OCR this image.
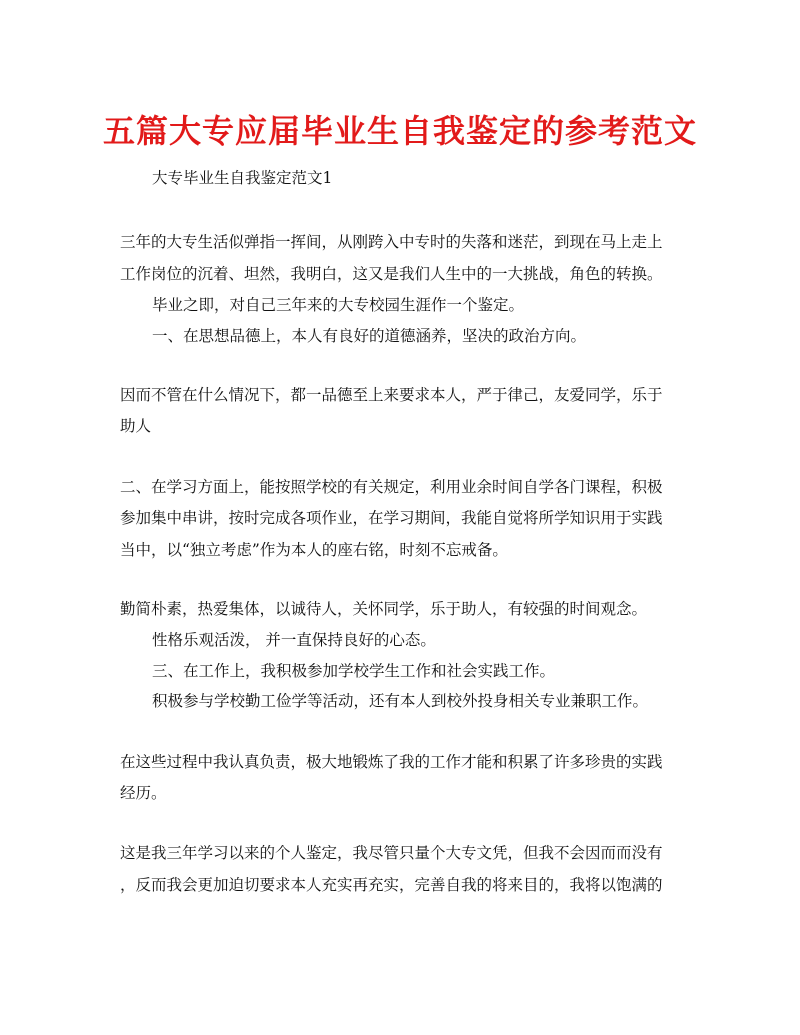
五篇大专应届毕业生自我鉴定的参考范文
大专毕业生自我鉴定范文1
三年的大专生活似弹指一挥间，从刚跨入中专时的失落和迷茫，到现在马上走上
工作岗位的沉着、坦然，我明白，这又是我们人生中的一大挑战，角色的转换。
毕业之即，对自己三年来的大专校园生涯作一个鉴定。
一、在思想品德上，本人有良好的道德涵养，坚决的政治方向。
因而不管在什么情况下，都一品德至上来要求本人，严于律己，友爱同学，乐于
助人
二、在学习方面上，能按照学校的有关规定，利用业余时间自学各门课程，积极
参加集中串讲，按时完成各项作业，在学习期间，我能自觉将所学知识用于实践
当中，以“独立考虑”作为本人的座右铭，时刻不忘戒备。
勤简朴素，热爱集体，以诚待人，关怀同学，乐于助人，有较强的时间观念。
性格乐观活泼， 并一直保持良好的心态。
三、在工作上，我积极参加学校学生工作和社会实践工作。
积极参与学校勤工俭学等活动，还有本人到校外投身相关专业兼职工作。
在这些过程中我认真负责，极大地锻炼了我的工作才能和积累了许多珍贵的实践
经历。
这是我三年学习以来的个人鉴定，我尽管只量个大专文凭，但我不会因而而没有
，反而我会更加迫切要求本人充实再充实，完善自我的将来目的，我将以饱满的
